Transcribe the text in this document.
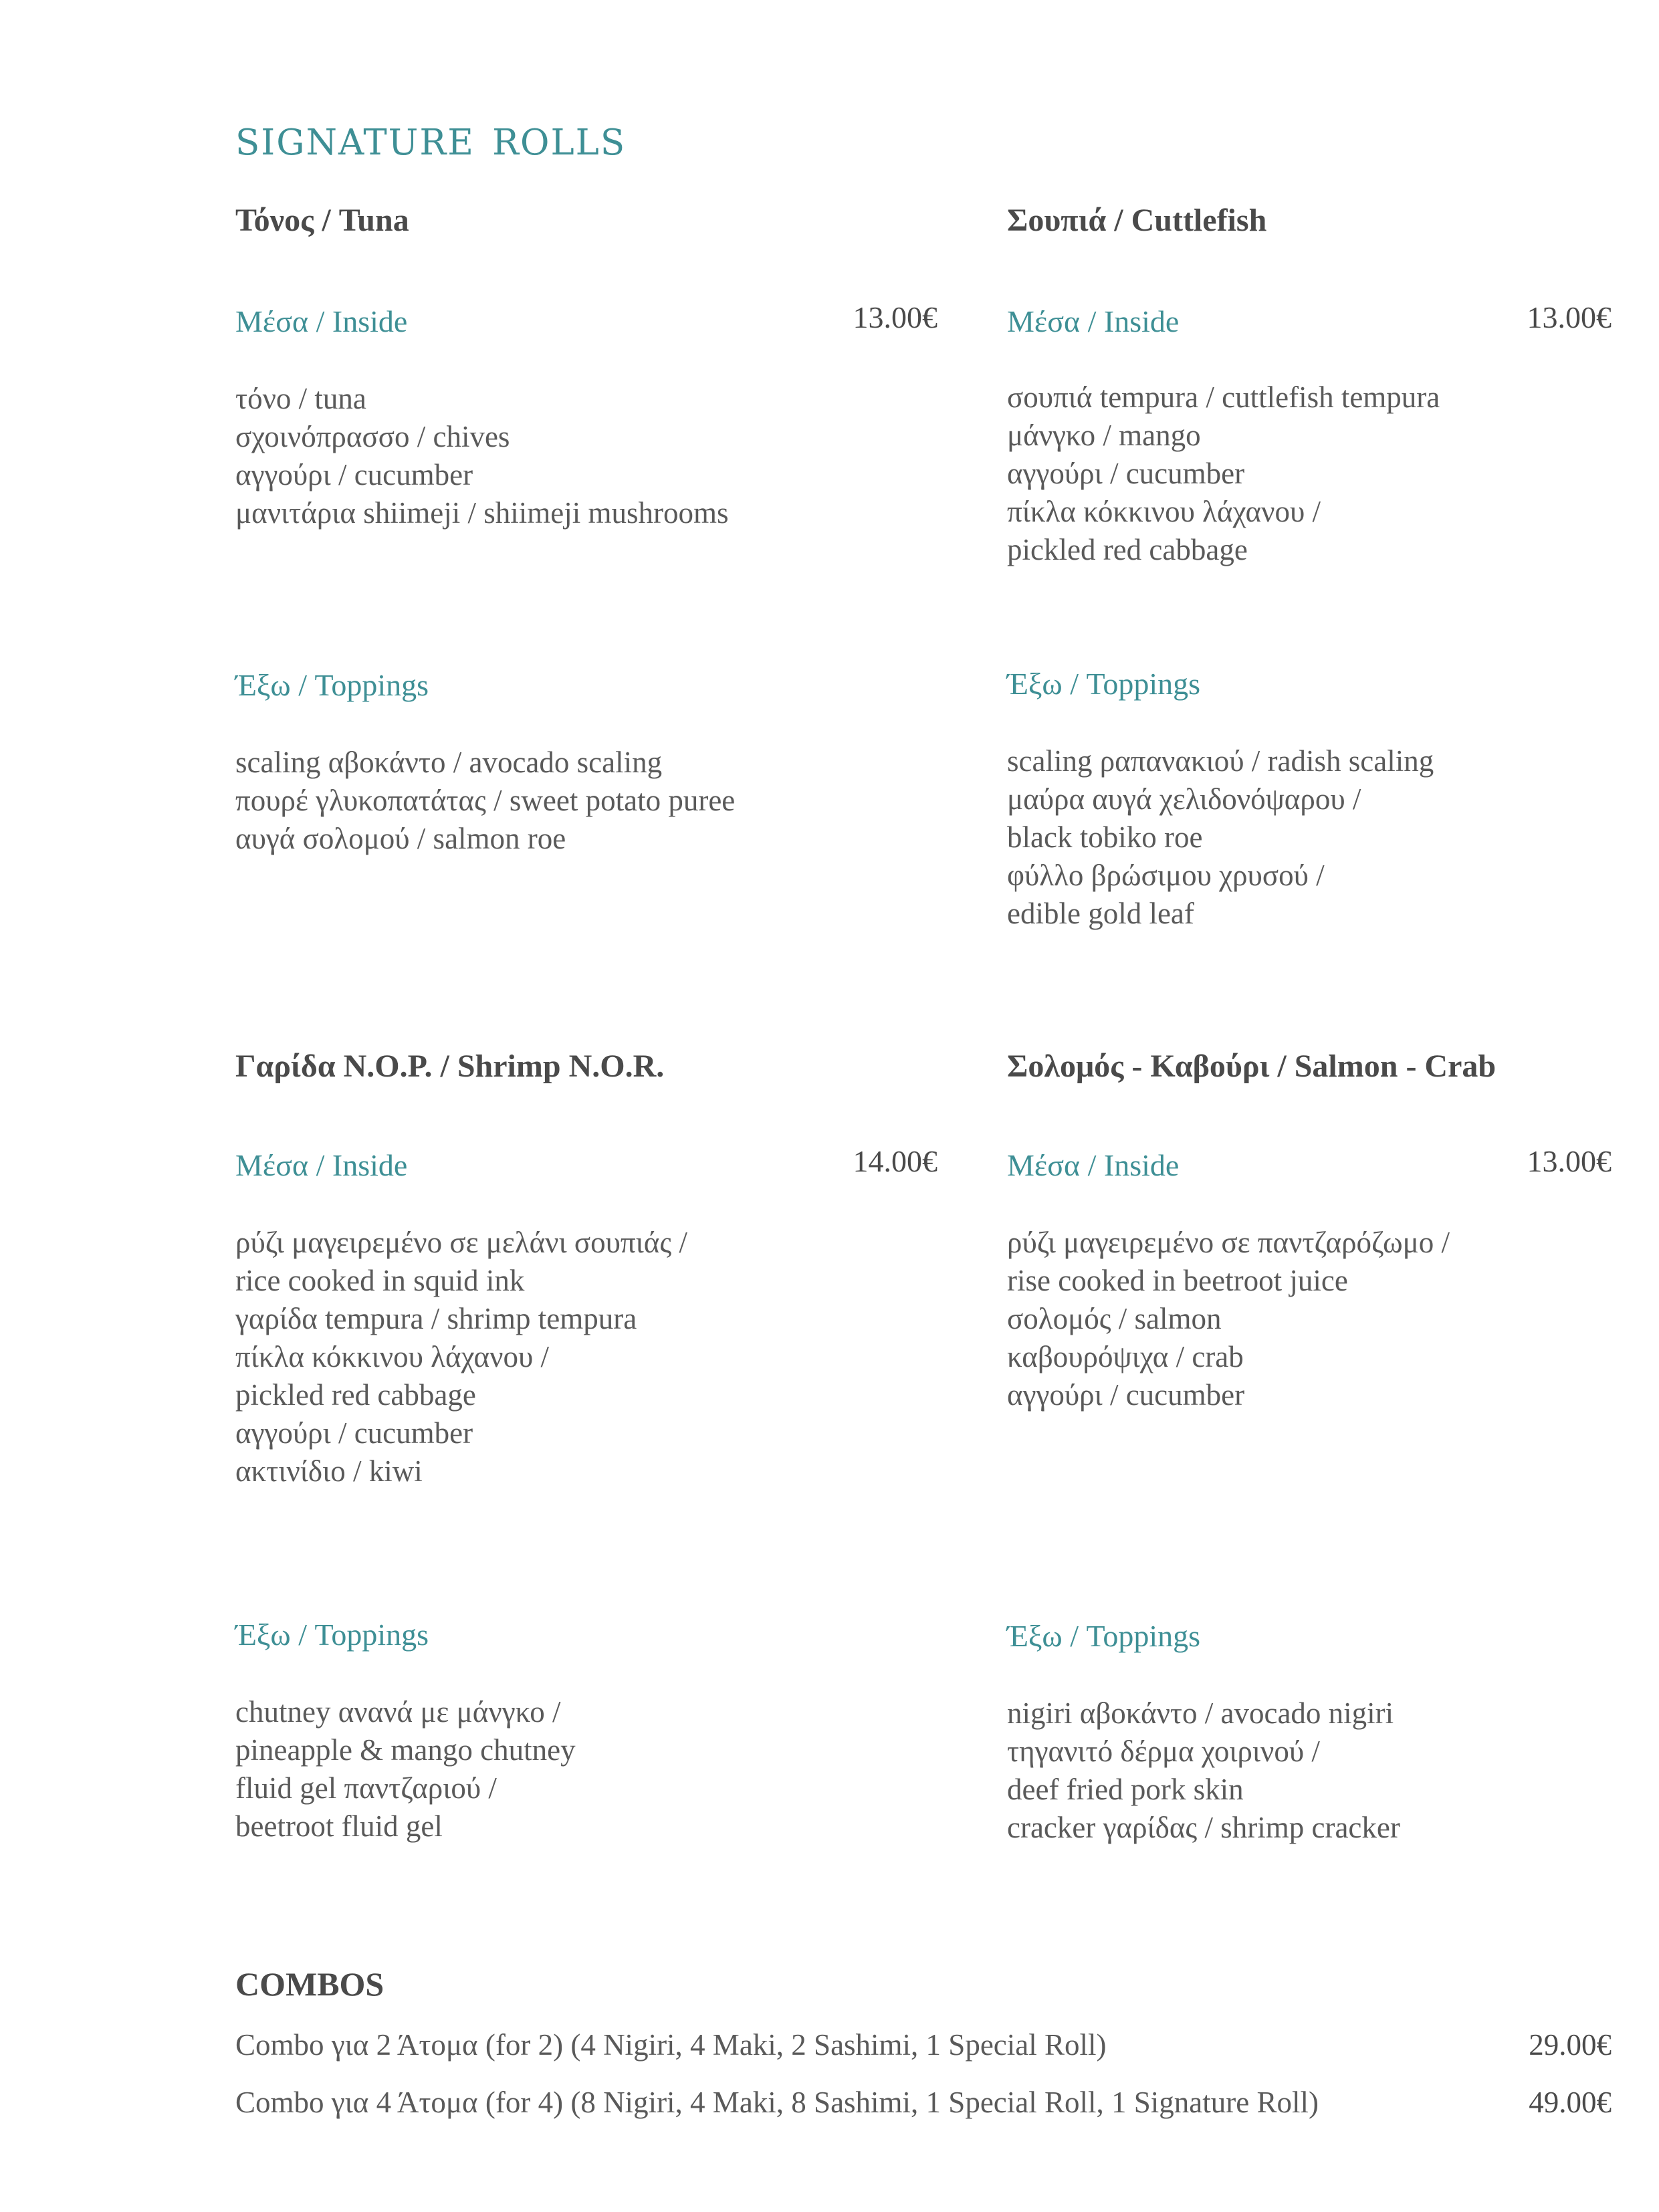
signature rolls
Τόνος / Tuna
Μέσα / Inside	13.00€
τόνο / tuna
σχοινόπρασσο / chives
αγγούρι / cucumber
μανιτάρια shiimeji / shiimeji mushrooms
Έξω / Toppings
scaling αβοκάντο / avocado scaling
πουρέ γλυκοπατάτας / sweet potato puree
αυγά σολομού / salmon roe
Σουπιά / Cuttlefish
Μέσα / Inside	13.00€
σουπιά tempura / cuttlefish tempura
μάνγκο / mango
αγγούρι / cucumber
πίκλα κόκκινου λάχανου /
pickled red cabbage
Έξω / Toppings
scaling ραπανακιού / radish scaling
μαύρα αυγά χελιδονόψαρου /
black tobiko roe
φύλλο βρώσιμου χρυσού /
edible gold leaf
Γαρίδα N.O.P. / Shrimp N.O.R.
Μέσα / Inside	14.00€
ρύζι μαγειρεμένο σε μελάνι σουπιάς /
rice cooked in squid ink
γαρίδα tempura / shrimp tempura
πίκλα κόκκινου λάχανου /
pickled red cabbage
αγγούρι / cucumber
ακτινίδιο / kiwi
Έξω / Toppings
chutney ανανά με μάνγκο /
pineapple & mango chutney
fluid gel παντζαριού /
beetroot fluid gel
Σολομός - Καβούρι / Salmon - Crab
Μέσα / Inside	13.00€
ρύζι μαγειρεμένο σε παντζαρόζωμο /
rise cooked in beetroot juice
σολομός / salmon
καβουρόψιχα / crab
αγγούρι / cucumber
Έξω / Toppings
nigiri αβοκάντο / avocado nigiri
τηγανιτό δέρμα χοιρινού /
deef fried pork skin
cracker γαρίδας / shrimp cracker
COMBOS
Combo για 2 Άτομα (for 2) (4 Nigiri, 4 Maki, 2 Sashimi, 1 Special Roll)	29.00€
Combo για 4 Άτομα (for 4) (8 Nigiri, 4 Maki, 8 Sashimi, 1 Special Roll, 1 Signature Roll)	49.00€
